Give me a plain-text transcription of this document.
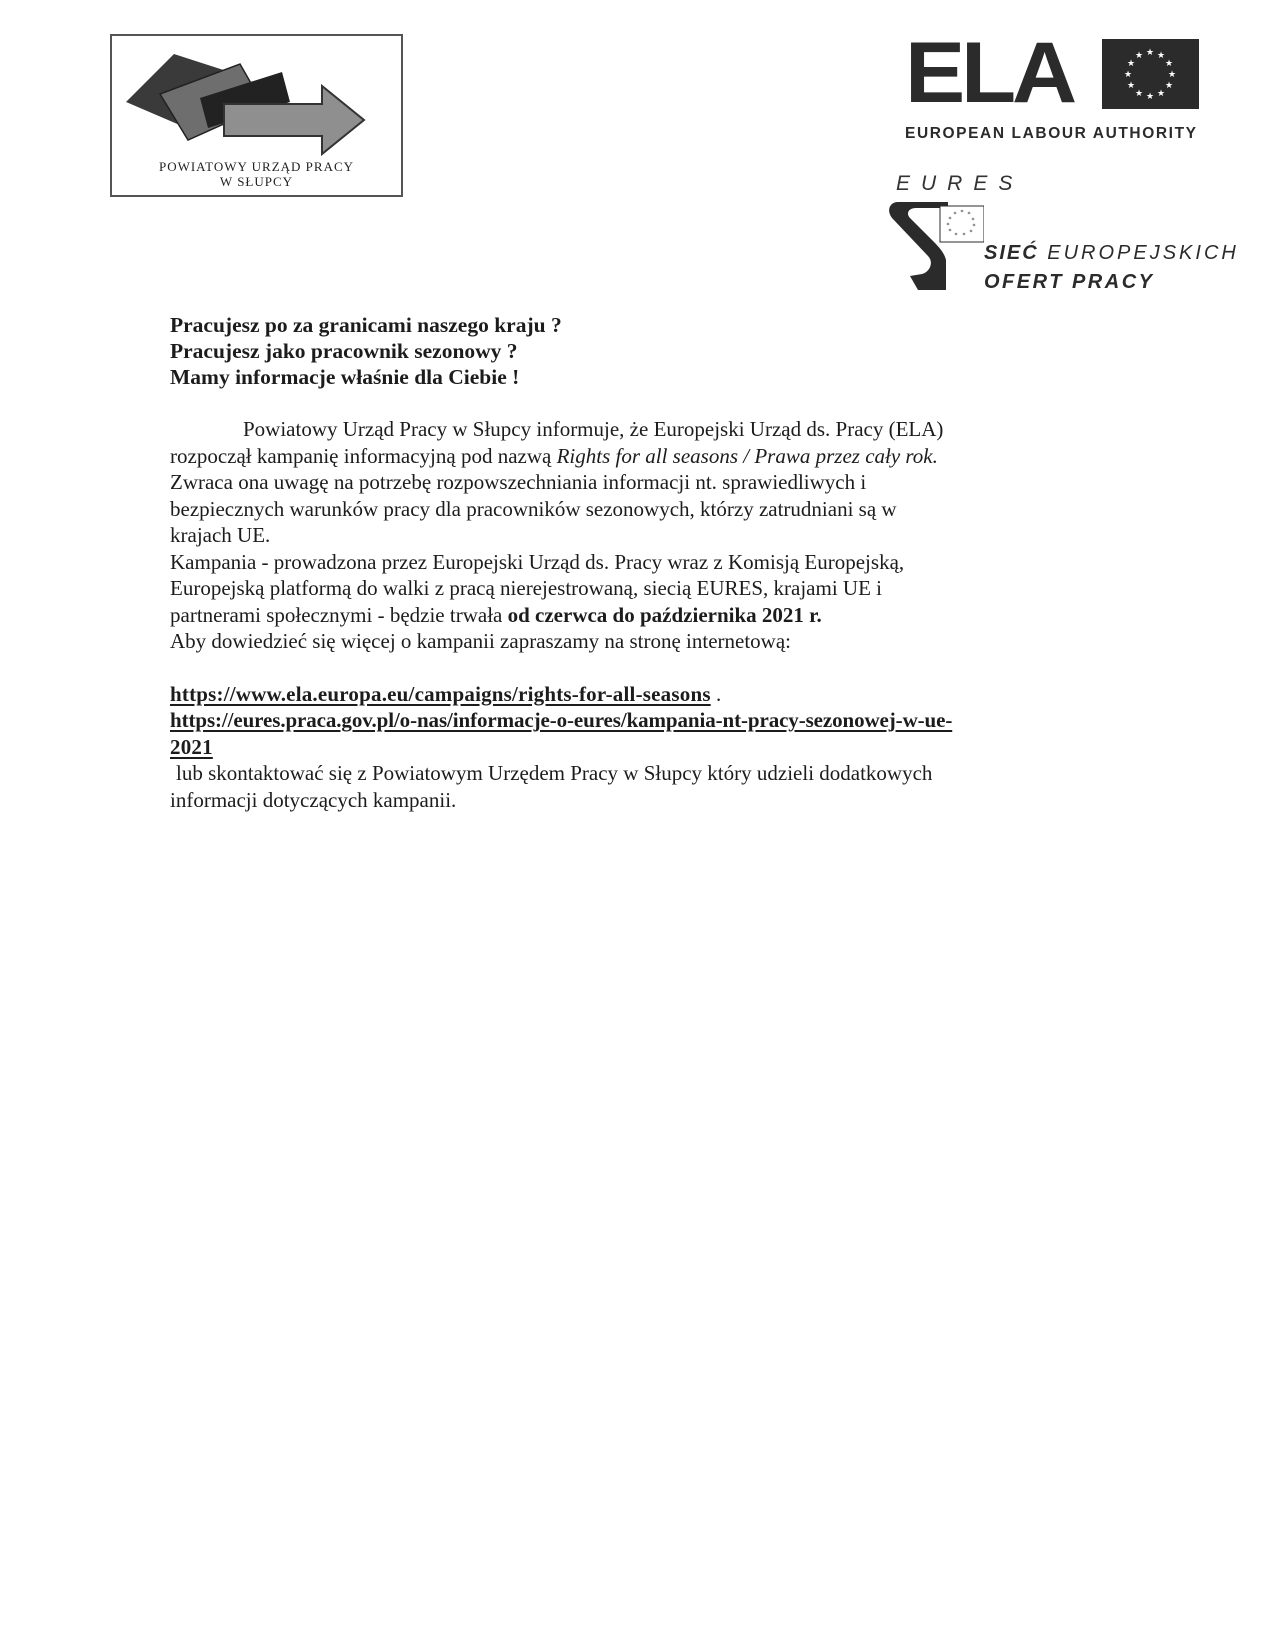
POWIATOWY URZĄD PRACY
W SŁUPCY
ELA	★ ★
★
★
★
★
★
★
★
★
★
★
EUROPEAN LABOUR AUTHORITY
EURES
* *
*
*
*
*
*
*
*
*
*
SIEĆ EUROPEJSKICH
OFERT PRACY
Pracujesz po za granicami naszego kraju ?
Pracujesz jako pracownik sezonowy ?
Mamy informacje właśnie dla Ciebie !
Powiatowy Urząd Pracy w Słupcy informuje, że Europejski Urząd ds. Pracy (ELA)
rozpoczął kampanię informacyjną pod nazwą Rights for all seasons / Prawa przez cały rok.
Zwraca ona uwagę na potrzebę rozpowszechniania informacji nt. sprawiedliwych i
bezpiecznych warunków pracy dla pracowników sezonowych, którzy zatrudniani są w
krajach UE.
Kampania - prowadzona przez Europejski Urząd ds. Pracy wraz z Komisją Europejską,
Europejską platformą do walki z pracą nierejestrowaną, siecią EURES, krajami UE i
partnerami społecznymi - będzie trwała od czerwca do października 2021 r.
Aby dowiedzieć się więcej o kampanii zapraszamy na stronę internetową:
https://www.ela.europa.eu/campaigns/rights-for-all-seasons .
https://eures.praca.gov.pl/o-nas/informacje-o-eures/kampania-nt-pracy-sezonowej-w-ue-
2021
lub skontaktować się z Powiatowym Urzędem Pracy w Słupcy który udzieli dodatkowych
informacji dotyczących kampanii.
